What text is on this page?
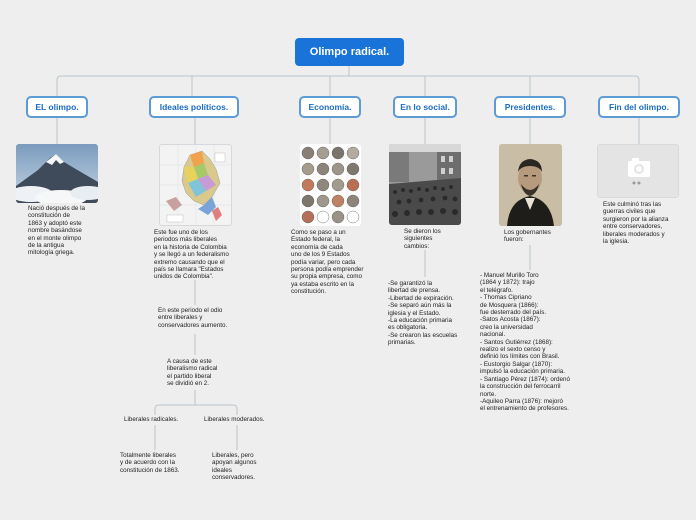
Olimpo radical.
EL olimpo.	Ideales políticos.	Economía.	En lo social.	Presidentes.	Fin del olimpo.
Nació después de la
constitución de
1863 y adoptó este
nombre basándose
en el monte olimpo
de la antigua
mitología griega.
Este fue uno de los
periodos más liberales
en la historia de Colombia
y se llegó a un federalismo
extremo causando que el
país se llamara "Estados
unidos de Colombia".
En este periodo el odio
entre liberales y
conservadores aumento.
A causa de este
liberalismo radical
el partido liberal
se dividió en 2.
Liberales radicales.	Liberales moderados.
Totalmente liberales
y de acuerdo con la
constitución de 1863.
Liberales, pero
apoyan algunos
ideales
conservadores.
Como se paso a un
Estado federal, la
economía de cada
uno de los 9 Estados
podía variar, pero cada
persona podía emprender
su propia empresa, como
ya estaba escrito en la
constitución.
Se dieron los
siguientes
cambios:
-Se garantizó la
libertad de prensa.
-Libertad de expiración.
-Se separó aún más la
iglesia y el Estado.
-La educación primaria
es obligatoria.
-Se crearon las escuelas
primarias.
Los gobernantes
fueron:
- Manuel Murillo Toro
(1864 y 1872): trajo
el telégrafo.
- Thomas Cipriano
de Mosquera (1866):
fue desterrado del país.
-Satos Acosta (1867):
creo la universidad
nacional.
- Santos Gutiérrez (1868):
realizo el sexto censo y
definió los límites con Brasil.
- Eustorgio Salgar (1870):
impulsó la educación primaria.
- Santiago Pérez (1874): ordenó
la construcción del ferrocarril
norte.
-Aquileo Parra (1876): mejoró
el entrenamiento de profesores.
Este culminó tras las
guerras civiles que
surgieron por la alianza
entre conservadores,
liberales moderados y
la iglesia.
